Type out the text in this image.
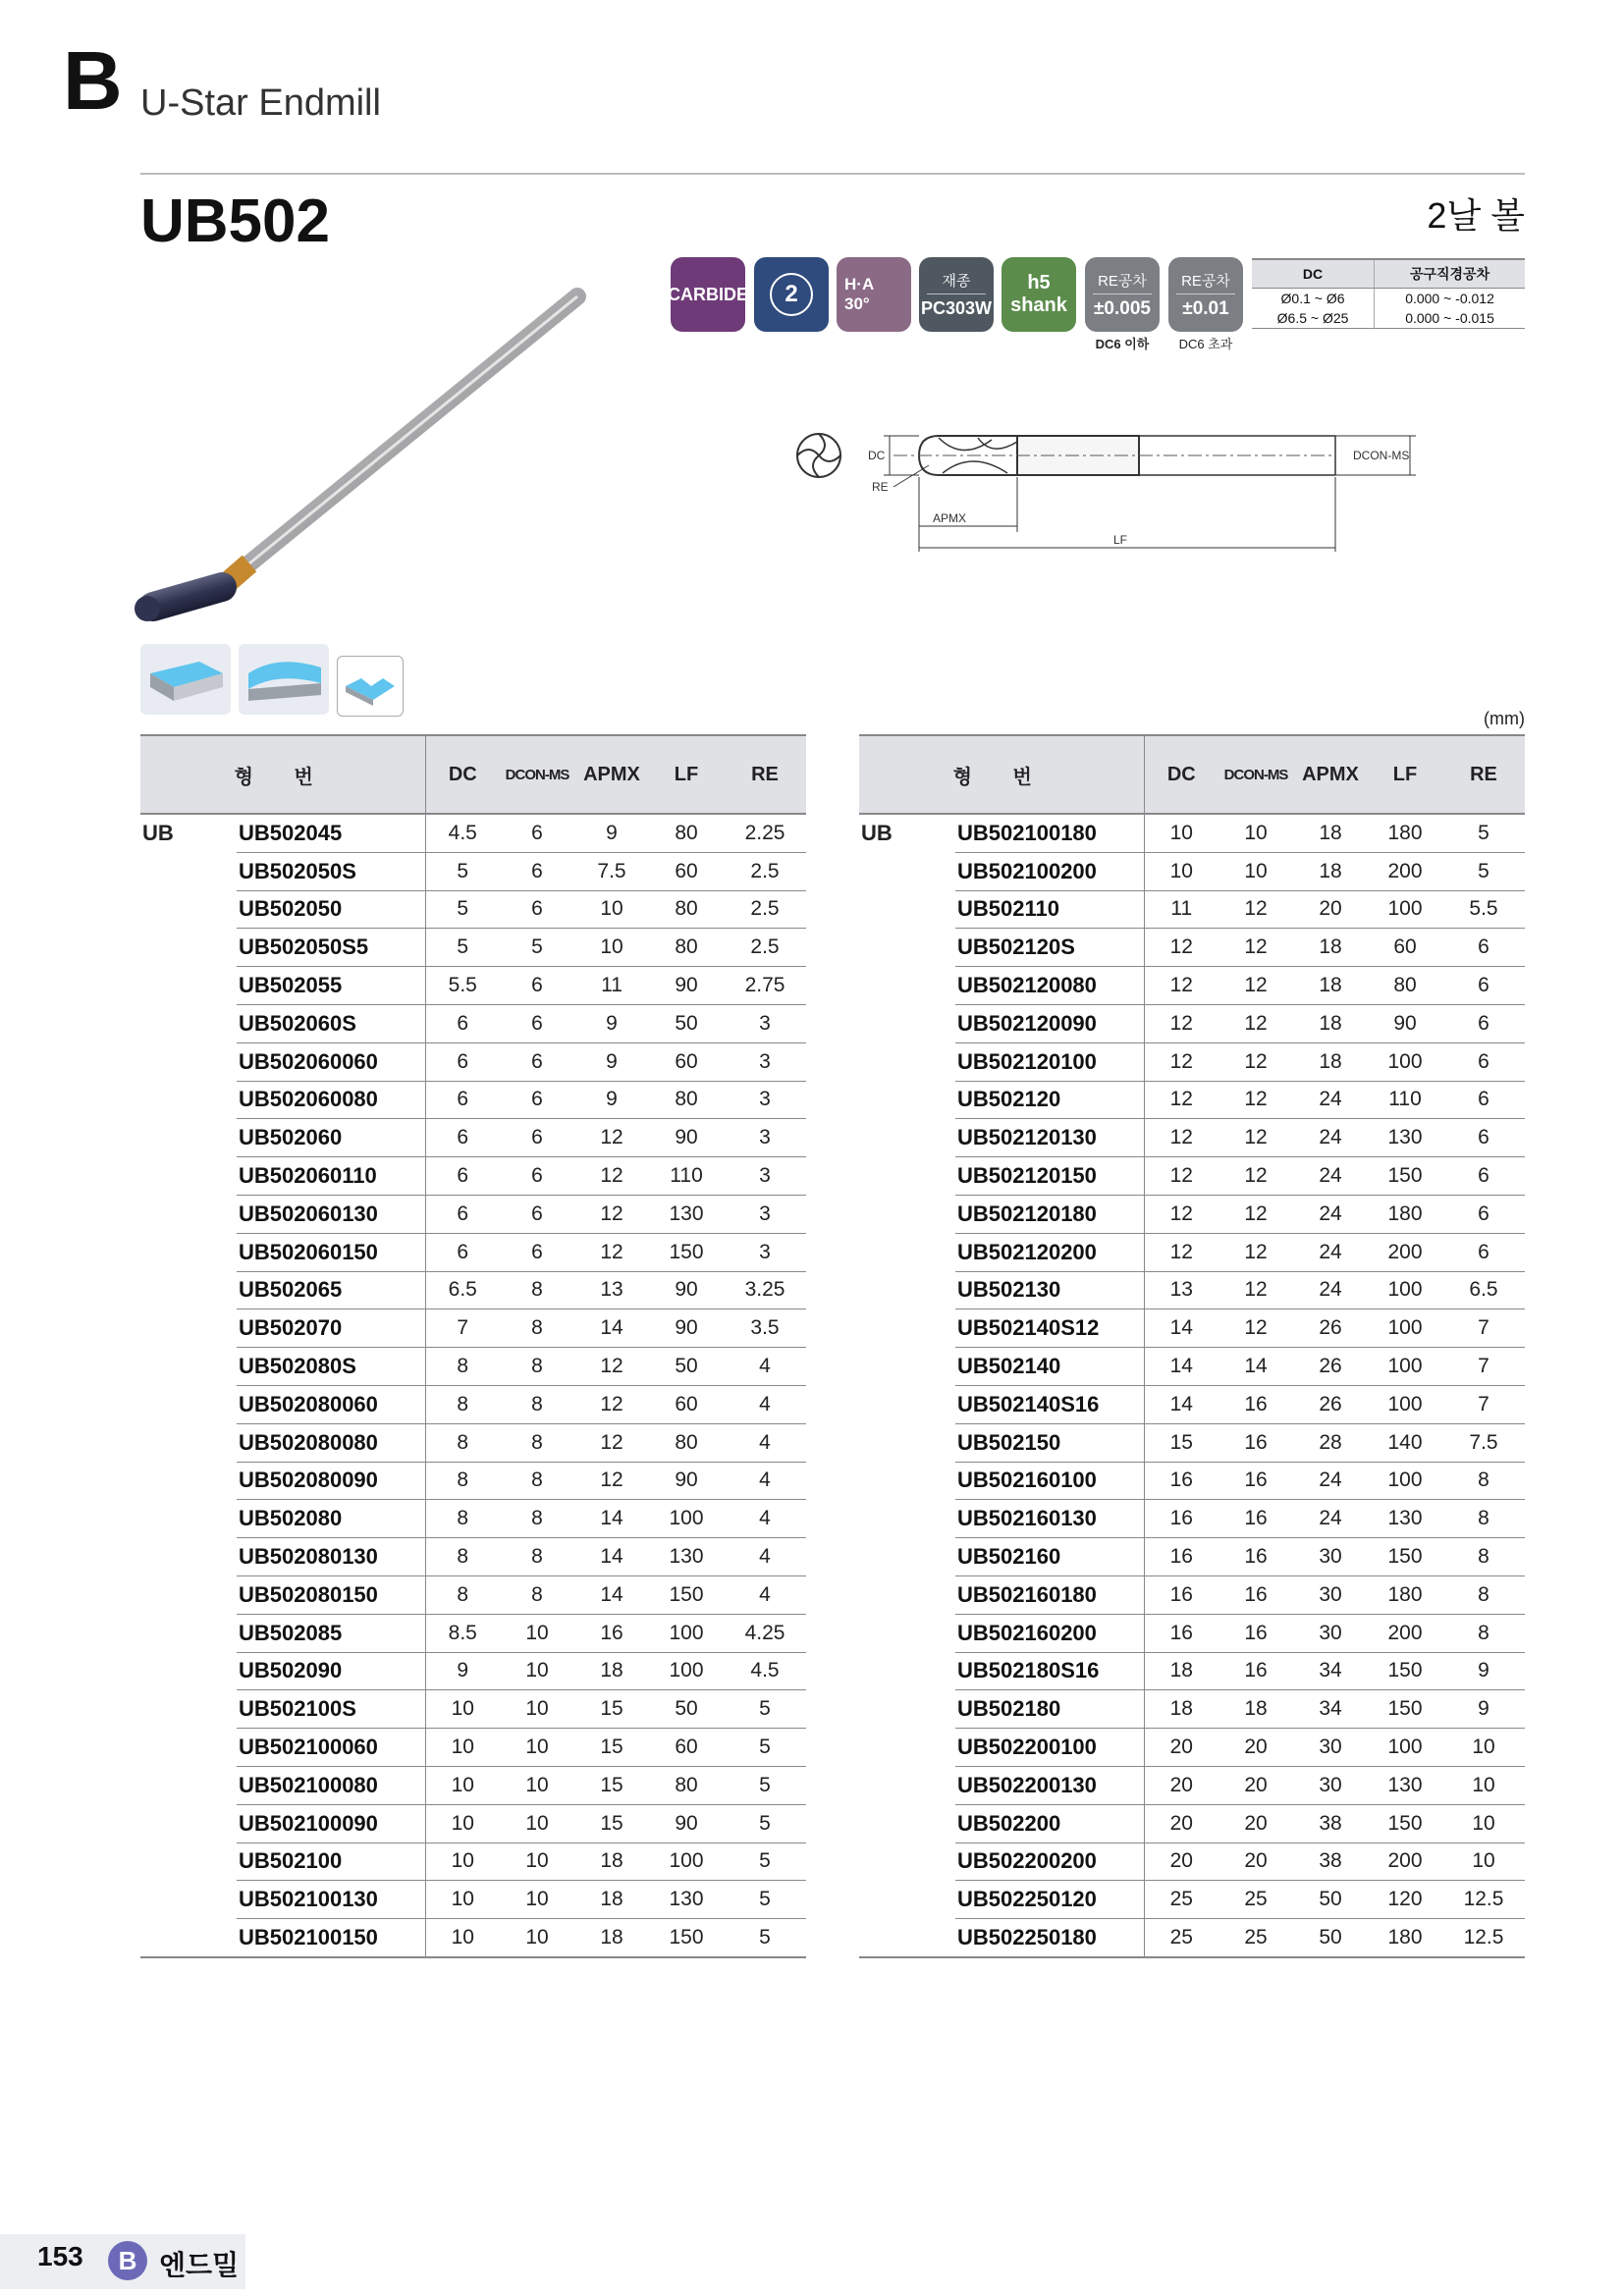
B U-Star Endmill
UB502	2날 볼
CARBIDE	2	H·A
30°
재종
PC303W
h5
shank
RE공차
±0.005
RE공차
±0.01
DC6 이하	DC6 초과
DC	공구직경공차
Ø0.1 ~ Ø6	0.000 ~ -0.012
Ø6.5 ~ Ø25	0.000 ~ -0.015
DCON-MS
DC
RE
APMX
LF
(mm)
형 번		DC	DCON-MS	APMX	LF	RE
UB	UB502045	4.5	6	9	80	2.25
	UB502050S	5	6	7.5	60	2.5
	UB502050	5	6	10	80	2.5
	UB502050S5	5	5	10	80	2.5
	UB502055	5.5	6	11	90	2.75
	UB502060S	6	6	9	50	3
	UB502060060	6	6	9	60	3
	UB502060080	6	6	9	80	3
	UB502060	6	6	12	90	3
	UB502060110	6	6	12	110	3
	UB502060130	6	6	12	130	3
	UB502060150	6	6	12	150	3
	UB502065	6.5	8	13	90	3.25
	UB502070	7	8	14	90	3.5
	UB502080S	8	8	12	50	4
	UB502080060	8	8	12	60	4
	UB502080080	8	8	12	80	4
	UB502080090	8	8	12	90	4
	UB502080	8	8	14	100	4
	UB502080130	8	8	14	130	4
	UB502080150	8	8	14	150	4
	UB502085	8.5	10	16	100	4.25
	UB502090	9	10	18	100	4.5
	UB502100S	10	10	15	50	5
	UB502100060	10	10	15	60	5
	UB502100080	10	10	15	80	5
	UB502100090	10	10	15	90	5
	UB502100	10	10	18	100	5
	UB502100130	10	10	18	130	5
	UB502100150	10	10	18	150	5
형 번		DC	DCON-MS	APMX	LF	RE
UB	UB502100180	10	10	18	180	5
	UB502100200	10	10	18	200	5
	UB502110	11	12	20	100	5.5
	UB502120S	12	12	18	60	6
	UB502120080	12	12	18	80	6
	UB502120090	12	12	18	90	6
	UB502120100	12	12	18	100	6
	UB502120	12	12	24	110	6
	UB502120130	12	12	24	130	6
	UB502120150	12	12	24	150	6
	UB502120180	12	12	24	180	6
	UB502120200	12	12	24	200	6
	UB502130	13	12	24	100	6.5
	UB502140S12	14	12	26	100	7
	UB502140	14	14	26	100	7
	UB502140S16	14	16	26	100	7
	UB502150	15	16	28	140	7.5
	UB502160100	16	16	24	100	8
	UB502160130	16	16	24	130	8
	UB502160	16	16	30	150	8
	UB502160180	16	16	30	180	8
	UB502160200	16	16	30	200	8
	UB502180S16	18	16	34	150	9
	UB502180	18	18	34	150	9
	UB502200100	20	20	30	100	10
	UB502200130	20	20	30	130	10
	UB502200	20	20	38	150	10
	UB502200200	20	20	38	200	10
	UB502250120	25	25	50	120	12.5
	UB502250180	25	25	50	180	12.5
153	B 엔드밀
